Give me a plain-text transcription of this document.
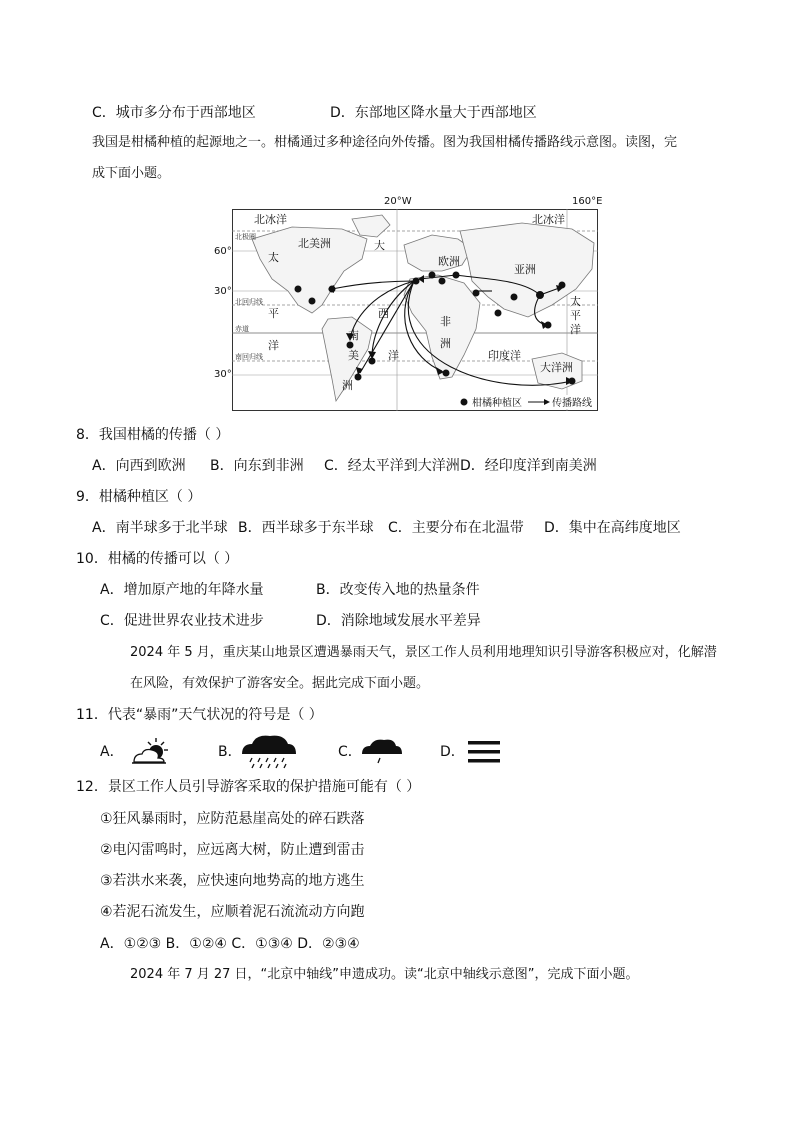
C．城市多分布于西部地区	D．东部地区降水量大于西部地区
我国是柑橘种植的起源地之一。柑橘通过多种途径向外传播。图为我国柑橘传播路线示意图。读图，完
成下面小题。
北冰洋	北冰洋
北美洲
欧洲
亚洲
太
平
洋
大
西
洋
南
美
洲
非
洲
印度洋
大洋洲
太
平
洋
北极圈
北回归线
赤道
南回归线
柑橘种植区	传播路线
20°W	160°E
60°
30°
30°
8．我国柑橘的传播（ ）
A．向西到欧洲 B．向东到非洲 C．经太平洋到大洋洲 D．经印度洋到南美洲
9．柑橘种植区（ ）
A．南半球多于北半球 B．西半球多于东半球 C．主要分布在北温带 D．集中在高纬度地区
10．柑橘的传播可以（ ）
A．增加原产地的年降水量	B．改变传入地的热量条件
C．促进世界农业技术进步	D．消除地域发展水平差异
2024 年 5 月，重庆某山地景区遭遇暴雨天气，景区工作人员利用地理知识引导游客积极应对，化解潜
在风险，有效保护了游客安全。据此完成下面小题。
11．代表“暴雨”天气状况的符号是（ ）
A．	B．	C．	D．
12．景区工作人员引导游客采取的保护措施可能有（ ）
①狂风暴雨时，应防范悬崖高处的碎石跌落
②电闪雷鸣时，应远离大树，防止遭到雷击
③若洪水来袭，应快速向地势高的地方逃生
④若泥石流发生，应顺着泥石流流动方向跑
A．①②③ B．①②④ C．①③④ D．②③④
2024 年 7 月 27 日，“北京中轴线”申遗成功。读“北京中轴线示意图”，完成下面小题。
